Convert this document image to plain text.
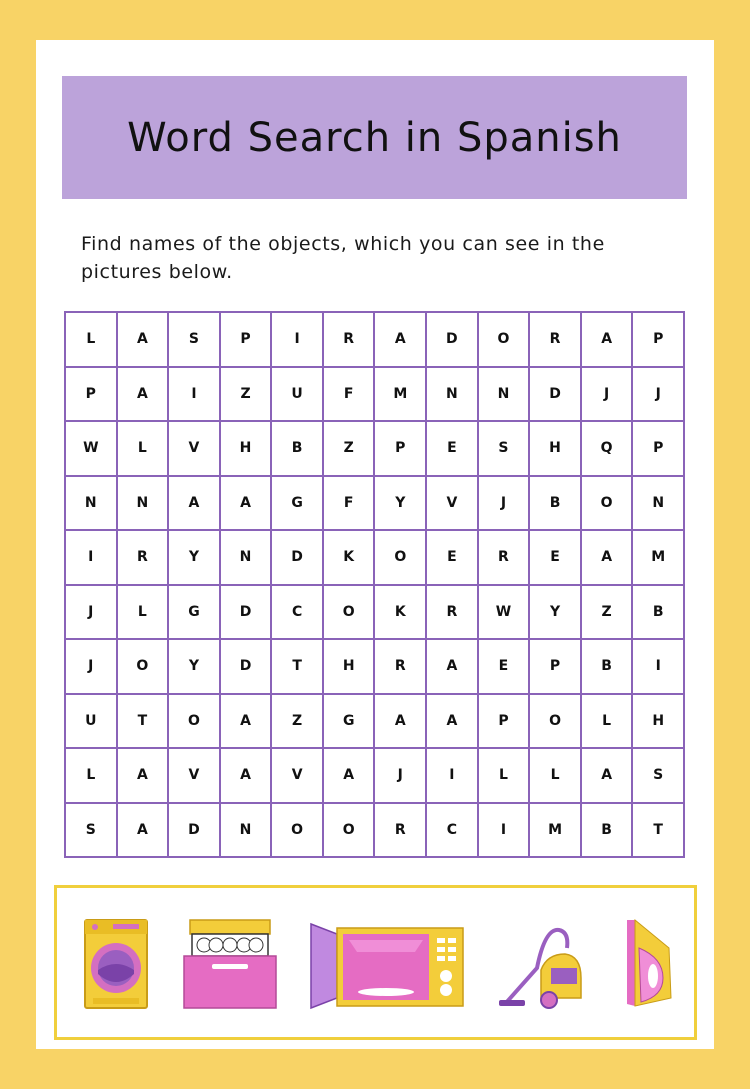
Word Search in Spanish
Find names of the objects, which you can see in the pictures below.
L	A	S	P	I	R	A	D	O	R	A	P
P	A	I	Z	U	F	M	N	N	D	J	J
W	L	V	H	B	Z	P	E	S	H	Q	P
N	N	A	A	G	F	Y	V	J	B	O	N
I	R	Y	N	D	K	O	E	R	E	A	M
J	L	G	D	C	O	K	R	W	Y	Z	B
J	O	Y	D	T	H	R	A	E	P	B	I
U	T	O	A	Z	G	A	A	P	O	L	H
L	A	V	A	V	A	J	I	L	L	A	S
S	A	D	N	O	O	R	C	I	M	B	T
